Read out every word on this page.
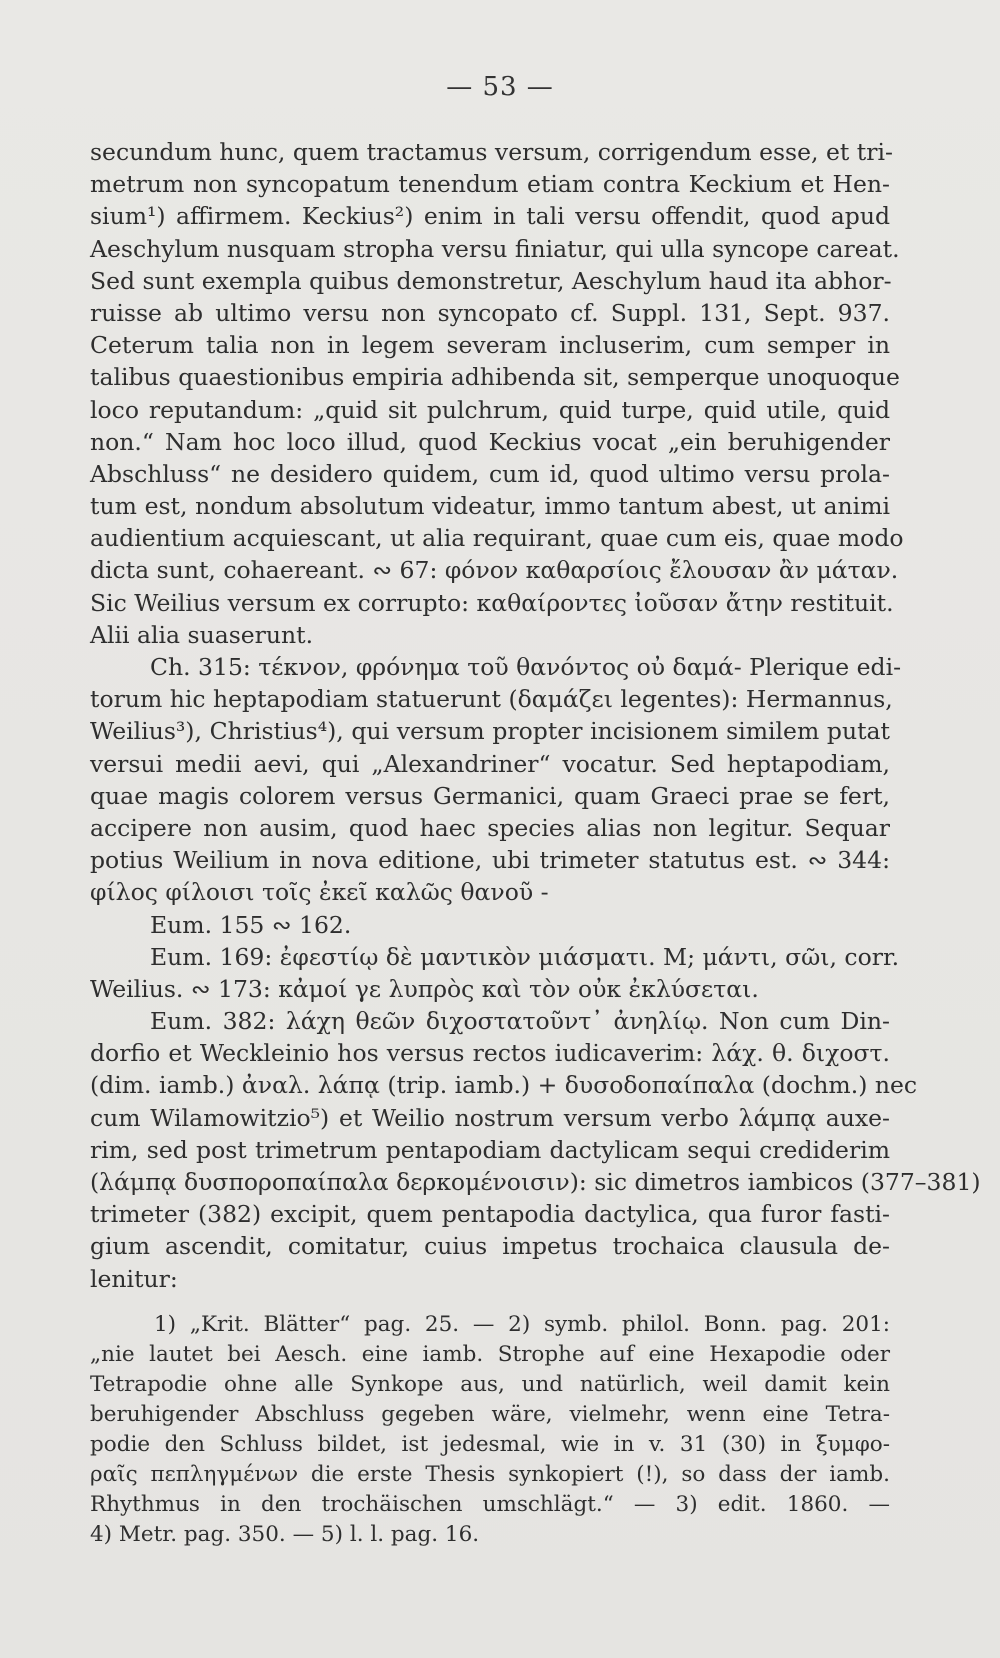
— 53 —
secundum hunc, quem tractamus versum, corrigendum esse, et tri-
metrum non syncopatum tenendum etiam contra Keckium et Hen-
sium¹) affirmem. Keckius²) enim in tali versu offendit, quod apud
Aeschylum nusquam stropha versu finiatur, qui ulla syncope careat.
Sed sunt exempla quibus demonstretur, Aeschylum haud ita abhor-
ruisse ab ultimo versu non syncopato cf. Suppl. 131, Sept. 937.
Ceterum talia non in legem severam incluserim, cum semper in
talibus quaestionibus empiria adhibenda sit, semperque unoquoque
loco reputandum: „quid sit pulchrum, quid turpe, quid utile, quid
non.“ Nam hoc loco illud, quod Keckius vocat „ein beruhigender
Abschluss“ ne desidero quidem, cum id, quod ultimo versu prola-
tum est, nondum absolutum videatur, immo tantum abest, ut animi
audientium acquiescant, ut alia requirant, quae cum eis, quae modo
dicta sunt, cohaereant. ∾ 67: φόνον καθαρσίοις ἔλουσαν ἂν μάταν.
Sic Weilius versum ex corrupto: καθαίροντες ἰοῦσαν ἄτην restituit.
Alii alia suaserunt.
Ch. 315: τέκνον, φρόνημα τοῦ θανόντος οὐ δαμά- Plerique edi-
torum hic heptapodiam statuerunt (δαμάζει legentes): Hermannus,
Weilius³), Christius⁴), qui versum propter incisionem similem putat
versui medii aevi, qui „Alexandriner“ vocatur. Sed heptapodiam,
quae magis colorem versus Germanici, quam Graeci prae se fert,
accipere non ausim, quod haec species alias non legitur. Sequar
potius Weilium in nova editione, ubi trimeter statutus est. ∾ 344:
φίλος φίλοισι τοῖς ἐκεῖ καλῶς θανοῦ -
Eum. 155 ∾ 162.
Eum. 169: ἐφεστίῳ δὲ μαντικὸν μιάσματι. M; μάντι, σῶι, corr.
Weilius. ∾ 173: κἀμοί γε λυπρὸς καὶ τὸν οὐκ ἐκλύσεται.
Eum. 382: λάχη θεῶν διχοστατοῦντ᾽ ἀνηλίῳ. Non cum Din-
dorfio et Weckleinio hos versus rectos iudicaverim: λάχ. θ. διχοστ.
(dim. iamb.) ἀναλ. λάπᾳ (trip. iamb.) + δυσοδοπαίπαλα (dochm.) nec
cum Wilamowitzio⁵) et Weilio nostrum versum verbo λάμπᾳ auxe-
rim, sed post trimetrum pentapodiam dactylicam sequi crediderim
(λάμπᾳ δυσποροπαίπαλα δερκομένοισιν): sic dimetros iambicos (377–381)
trimeter (382) excipit, quem pentapodia dactylica, qua furor fasti-
gium ascendit, comitatur, cuius impetus trochaica clausula de-
lenitur:
1) „Krit. Blätter“ pag. 25. — 2) symb. philol. Bonn. pag. 201:
„nie lautet bei Aesch. eine iamb. Strophe auf eine Hexapodie oder
Tetrapodie ohne alle Synkope aus, und natürlich, weil damit kein
beruhigender Abschluss gegeben wäre, vielmehr, wenn eine Tetra-
podie den Schluss bildet, ist jedesmal, wie in v. 31 (30) in ξυμφο-
ραῖς πεπληγμένων die erste Thesis synkopiert (!), so dass der iamb.
Rhythmus in den trochäischen umschlägt.“ — 3) edit. 1860. —
4) Metr. pag. 350. — 5) l. l. pag. 16.
